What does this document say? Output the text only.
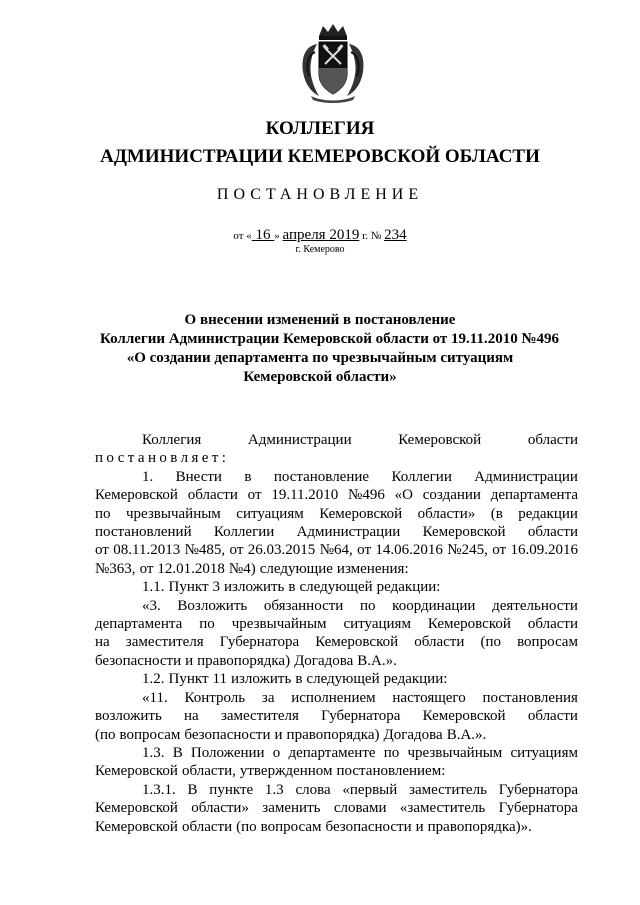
КОЛЛЕГИЯ
АДМИНИСТРАЦИИ КЕМЕРОВСКОЙ ОБЛАСТИ
ПОСТАНОВЛЕНИЕ
от « 16 » апреля 2019 г. № 234
г. Кемерово
О внесении изменений в постановление
Коллегии Администрации Кемеровской области от 19.11.2010 №496
«О создании департамента по чрезвычайным ситуациям
Кемеровской области»
Коллегия	Администрации	Кемеровской	области
постановляет:
1. Внести в постановление Коллегии Администрации
Кемеровской области от 19.11.2010 №496 «О создании департамента
по чрезвычайным ситуациям Кемеровской области» (в редакции
постановлений Коллегии Администрации Кемеровской области
от 08.11.2013 №485, от 26.03.2015 №64, от 14.06.2016 №245, от 16.09.2016
№363, от 12.01.2018 №4) следующие изменения:
1.1. Пункт 3 изложить в следующей редакции:
«3. Возложить обязанности по координации деятельности
департамента по чрезвычайным ситуациям Кемеровской области
на заместителя Губернатора Кемеровской области (по вопросам
безопасности и правопорядка) Догадова В.А.».
1.2. Пункт 11 изложить в следующей редакции:
«11. Контроль за исполнением настоящего постановления
возложить на заместителя Губернатора Кемеровской области
(по вопросам безопасности и правопорядка) Догадова В.А.».
1.3. В Положении о департаменте по чрезвычайным ситуациям
Кемеровской области, утвержденном постановлением:
1.3.1. В пункте 1.3 слова «первый заместитель Губернатора
Кемеровской области» заменить словами «заместитель Губернатора
Кемеровской области (по вопросам безопасности и правопорядка)».
